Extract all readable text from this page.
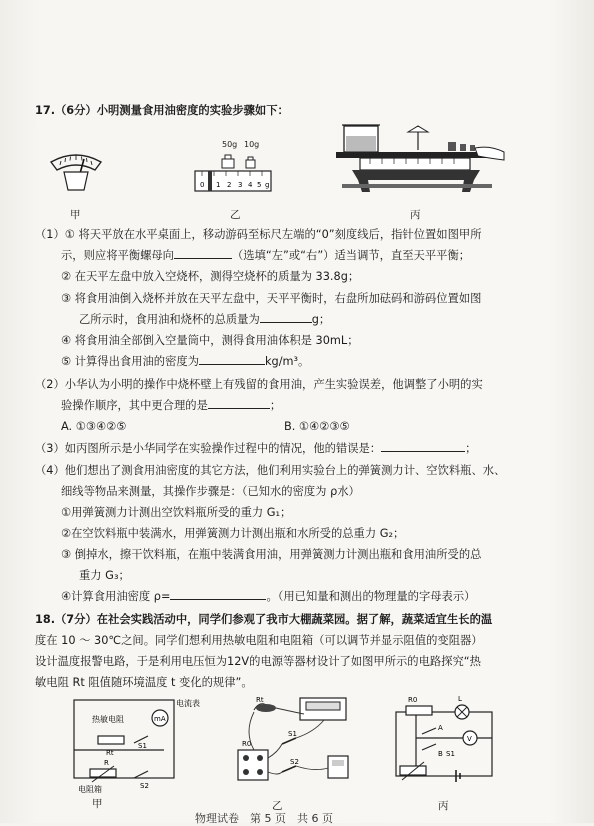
17.（6分）小明测量食用油密度的实验步骤如下：
甲
50g 10g
0 1 2 3 4 5 g
乙	丙
（1）① 将天平放在水平桌面上，移动游码至标尺左端的“0”刻度线后，指针位置如图甲所
示，则应将平衡螺母向	（选填“左”或“右”）适当调节，直至天平平衡；
② 在天平左盘中放入空烧杯，测得空烧杯的质量为 33.8g；
③ 将食用油倒入烧杯并放在天平左盘中，天平平衡时，右盘所加砝码和游码位置如图
乙所示时，食用油和烧杯的总质量为	g；
④ 将食用油全部倒入空量筒中，测得食用油体积是 30mL；
⑤ 计算得出食用油的密度为	kg/m³。
（2）小华认为小明的操作中烧杯壁上有残留的食用油，产生实验误差，他调整了小明的实
验操作顺序，其中更合理的是	；
A. ①③④②⑤	B. ①④②③⑤
（3）如丙图所示是小华同学在实验操作过程中的情况，他的错误是：	；
（4）他们想出了测食用油密度的其它方法，他们利用实验台上的弹簧测力计、空饮料瓶、水、
细线等物品来测量，其操作步骤是：（已知水的密度为 ρ水）
①用弹簧测力计测出空饮料瓶所受的重力 G₁；
②在空饮料瓶中装满水，用弹簧测力计测出瓶和水所受的总重力 G₂；
③ 倒掉水，擦干饮料瓶，在瓶中装满食用油，用弹簧测力计测出瓶和食用油所受的总
重力 G₃；
④计算食用油密度 ρ=	。（用已知量和测出的物理量的字母表示）
18.（7分）在社会实践活动中，同学们参观了我市大棚蔬菜园。据了解，蔬菜适宜生长的温
度在 10 ～ 30℃之间。同学们想利用热敏电阻和电阻箱（可以调节并显示阻值的变阻器）
设计温度报警电路，于是利用电压恒为12V的电源等器材设计了如图甲所示的电路探究“热
敏电阻 Rt 阻值随环境温度 t 变化的规律”。
mA
热敏电阻
电流表
Rt
S1
R
S2
电阻箱
甲
Rt
R0
S1
S2
乙
R0	L
V
A
B S1
丙
物理试卷　第 5 页　共 6 页
